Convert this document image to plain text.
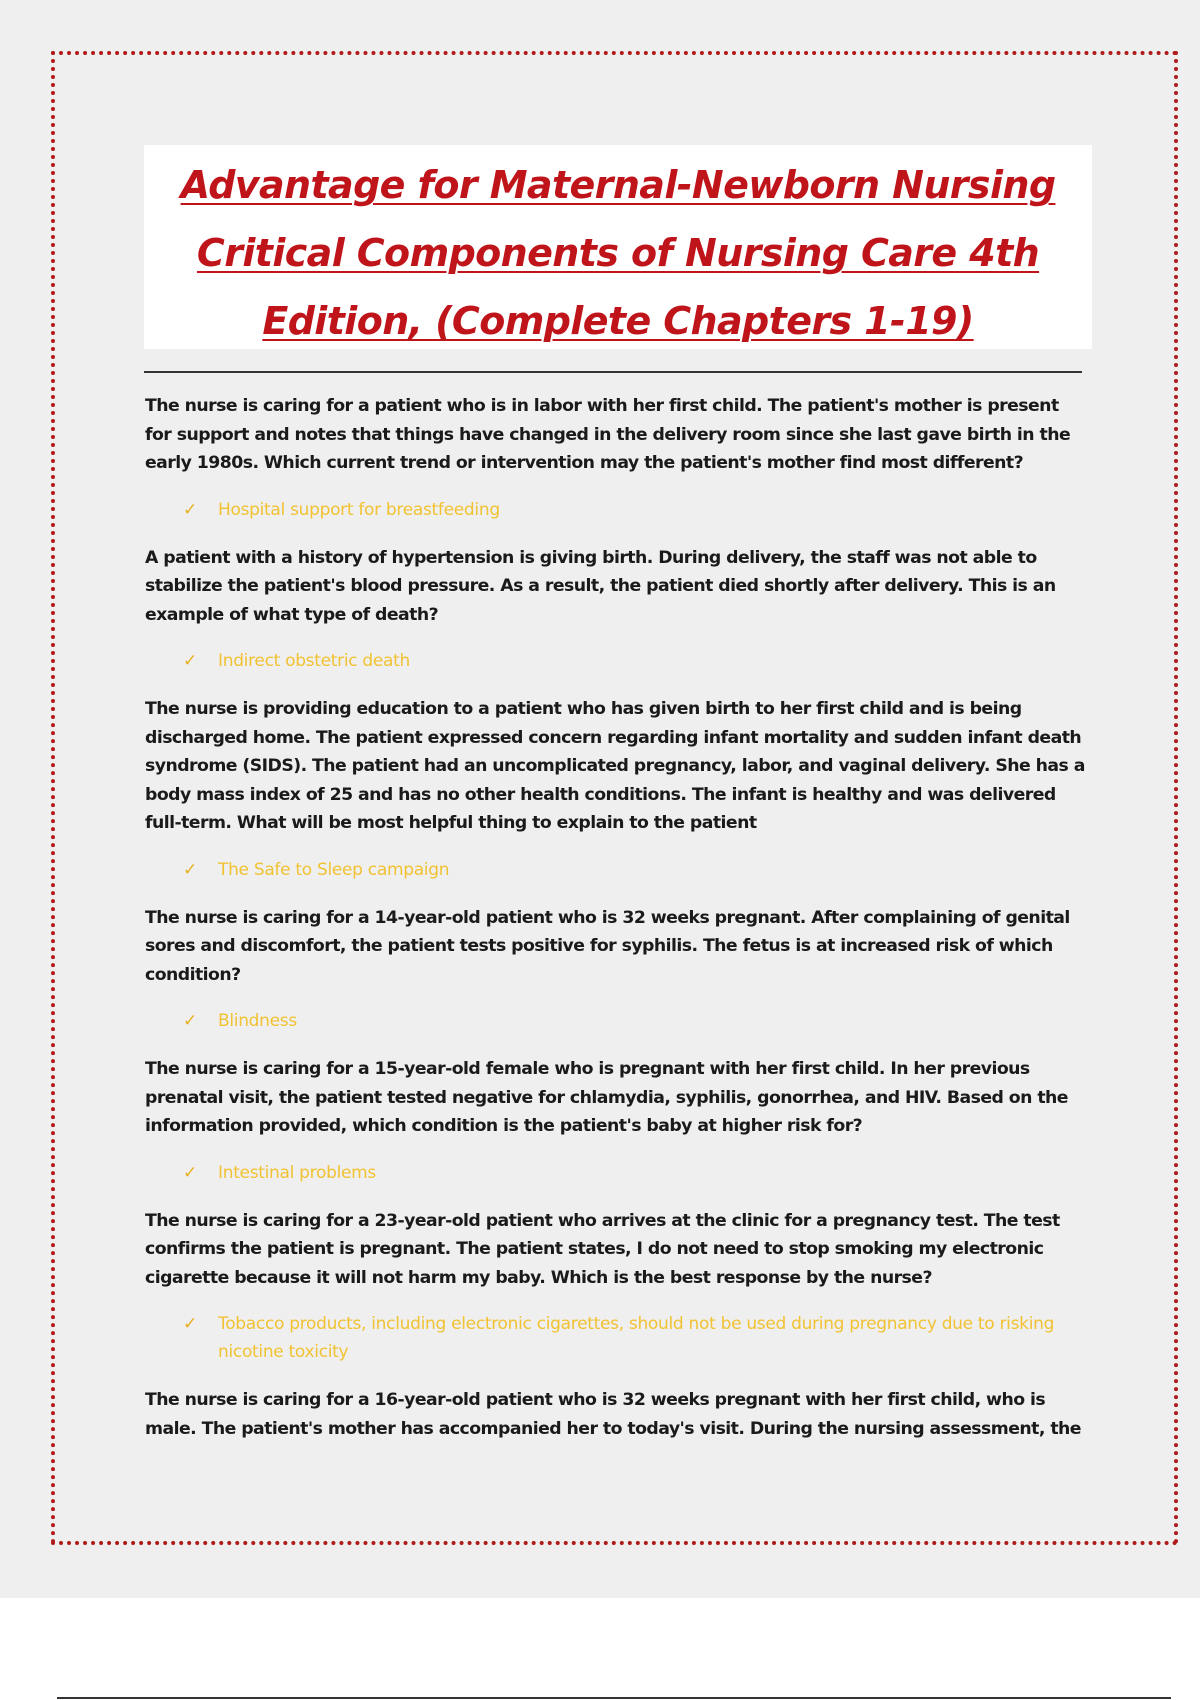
Advantage for Maternal-Newborn Nursing
Critical Components of Nursing Care 4th
Edition, (Complete Chapters 1-19)

The nurse is caring for a patient who is in labor with her first child. The patient's mother is present for support and notes that things have changed in the delivery room since she last gave birth in the early 1980s. Which current trend or intervention may the patient's mother find most different?

✓ Hospital support for breastfeeding

A patient with a history of hypertension is giving birth. During delivery, the staff was not able to stabilize the patient's blood pressure. As a result, the patient died shortly after delivery. This is an example of what type of death?

✓ Indirect obstetric death

The nurse is providing education to a patient who has given birth to her first child and is being discharged home. The patient expressed concern regarding infant mortality and sudden infant death syndrome (SIDS). The patient had an uncomplicated pregnancy, labor, and vaginal delivery. She has a body mass index of 25 and has no other health conditions. The infant is healthy and was delivered full-term. What will be most helpful thing to explain to the patient

✓ The Safe to Sleep campaign

The nurse is caring for a 14-year-old patient who is 32 weeks pregnant. After complaining of genital sores and discomfort, the patient tests positive for syphilis. The fetus is at increased risk of which condition?

✓ Blindness

The nurse is caring for a 15-year-old female who is pregnant with her first child. In her previous prenatal visit, the patient tested negative for chlamydia, syphilis, gonorrhea, and HIV. Based on the information provided, which condition is the patient's baby at higher risk for?

✓ Intestinal problems

The nurse is caring for a 23-year-old patient who arrives at the clinic for a pregnancy test. The test confirms the patient is pregnant. The patient states, I do not need to stop smoking my electronic cigarette because it will not harm my baby. Which is the best response by the nurse?

✓ Tobacco products, including electronic cigarettes, should not be used during pregnancy due to risking nicotine toxicity

The nurse is caring for a 16-year-old patient who is 32 weeks pregnant with her first child, who is male. The patient's mother has accompanied her to today's visit. During the nursing assessment, the
